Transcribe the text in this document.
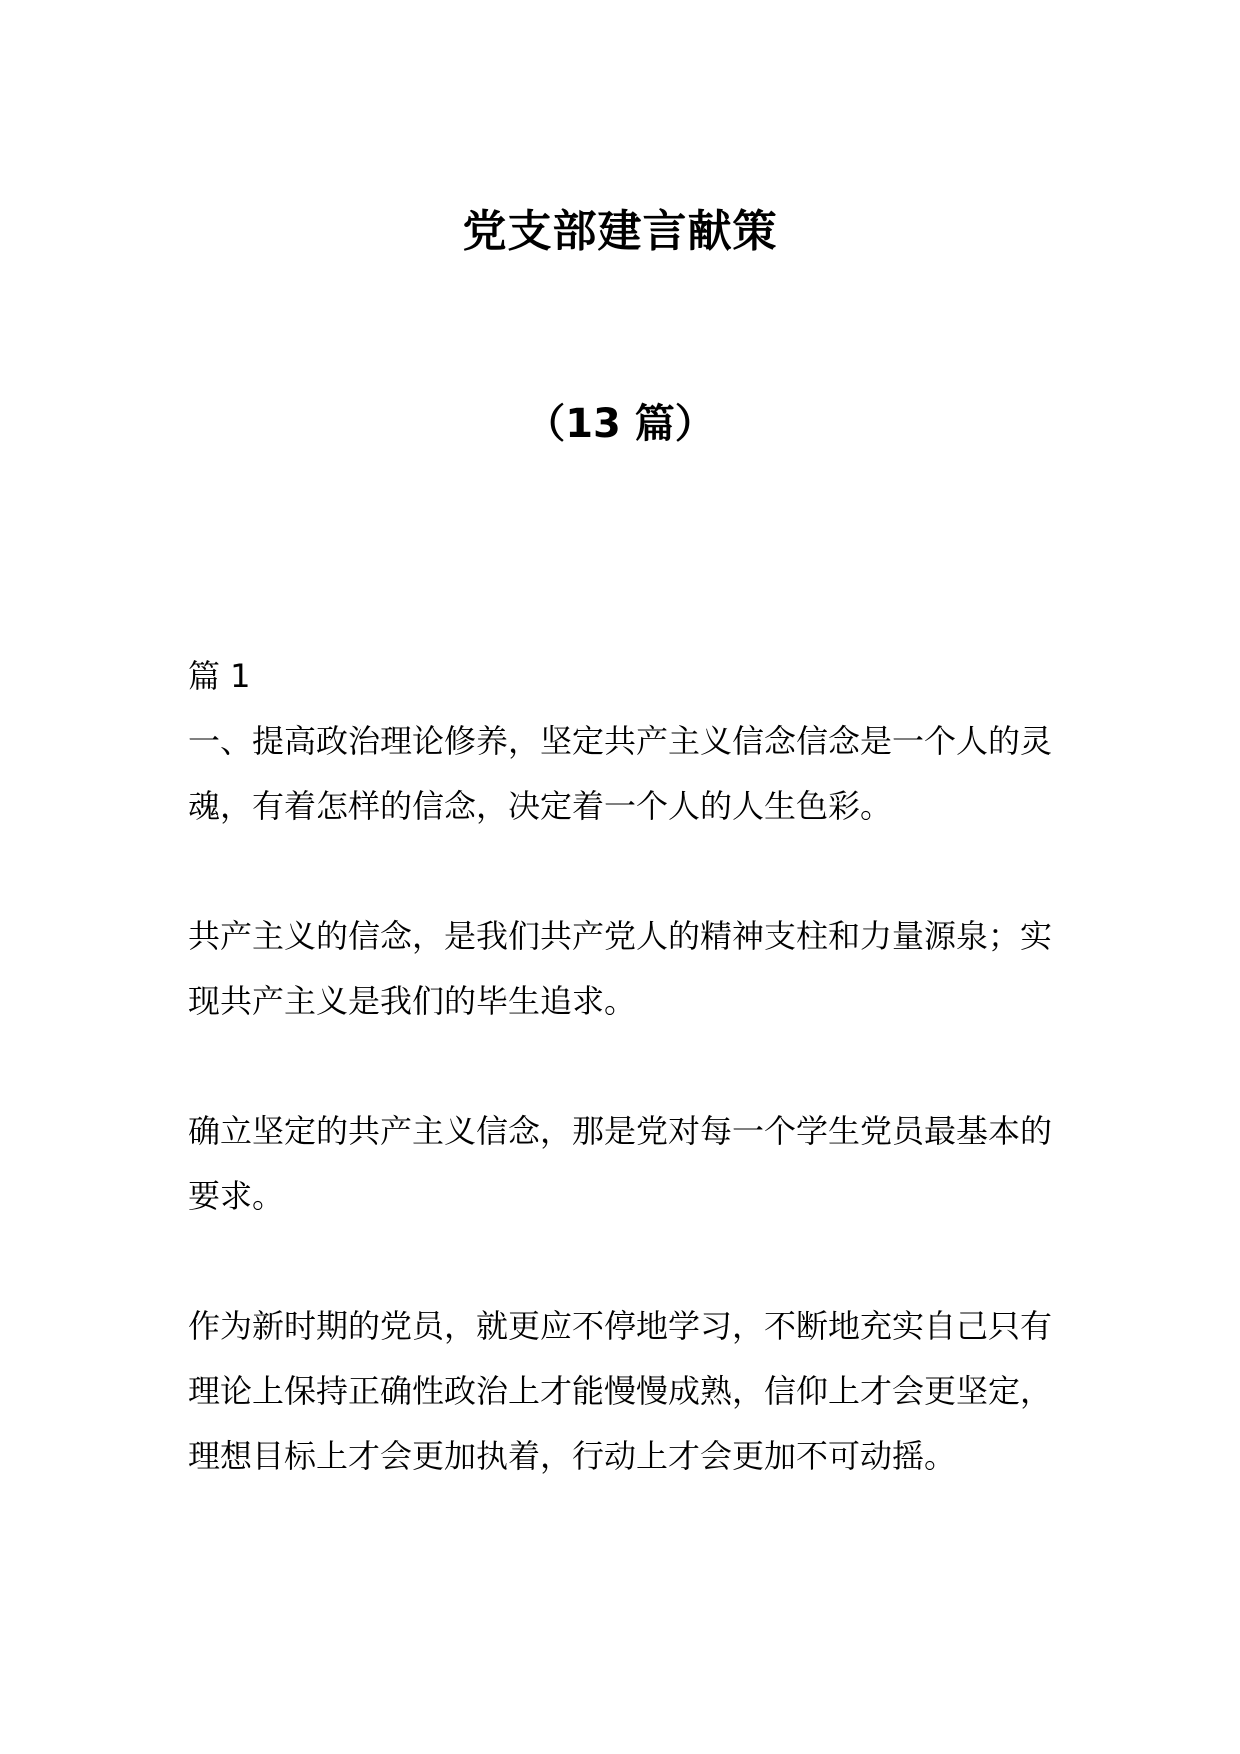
党支部建言献策
（13 篇）

篇 1

一、提高政治理论修养，坚定共产主义信念信念是一个人的灵魂，有着怎样的信念，决定着一个人的人生色彩。

共产主义的信念，是我们共产党人的精神支柱和力量源泉；实现共产主义是我们的毕生追求。

确立坚定的共产主义信念，那是党对每一个学生党员最基本的要求。

作为新时期的党员，就更应不停地学习，不断地充实自己只有理论上保持正确性政治上才能慢慢成熟，信仰上才会更坚定，理想目标上才会更加执着，行动上才会更加不可动摇。
